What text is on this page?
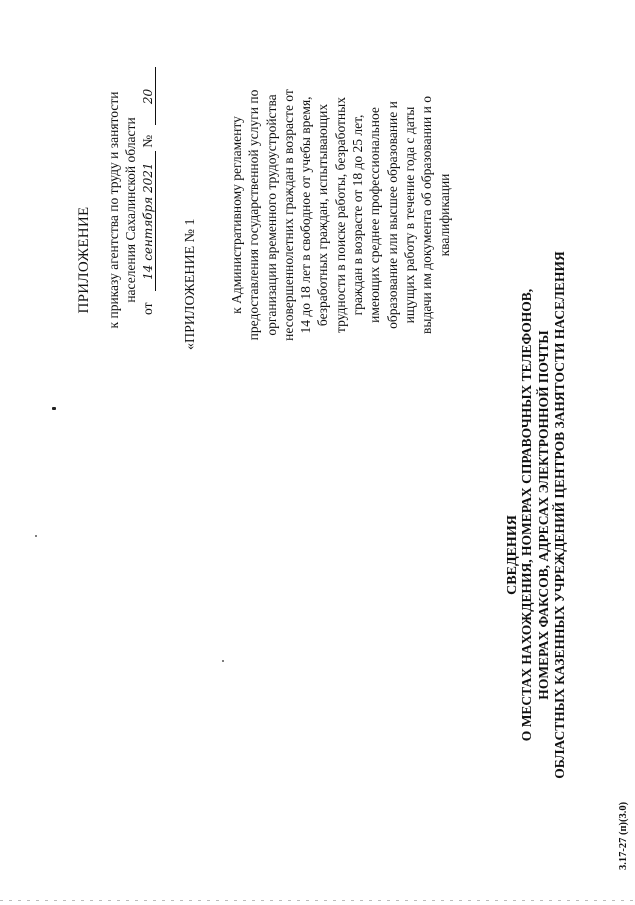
ПРИЛОЖЕНИЕ к приказу агентства по труду и занятости населения Сахалинской области
от 14 сентября 2021 № 20
«ПРИЛОЖЕНИЕ № 1 к Административному регламенту предоставления государственной услуги по организации временного трудоустройства несовершеннолетних граждан в возрасте от 14 до 18 лет в свободное от учебы время, безработных граждан, испытывающих трудности в поиске работы, безработных граждан в возрасте от 18 до 25 лет, имеющих среднее профессиональное образование или высшее образование и ищущих работу в течение года с даты выдачи им документа об образовании и о квалификации
СВЕДЕНИЯ О МЕСТАХ НАХОЖДЕНИЯ, НОМЕРАХ СПРАВОЧНЫХ ТЕЛЕФОНОВ, НОМЕРАХ ФАКСОВ, АДРЕСАХ ЭЛЕКТРОННОЙ ПОЧТЫ ОБЛАСТНЫХ КАЗЕННЫХ УЧРЕЖДЕНИЙ ЦЕНТРОВ ЗАНЯТОСТИ НАСЕЛЕНИЯ
3.17-27 (п)(3.0)
